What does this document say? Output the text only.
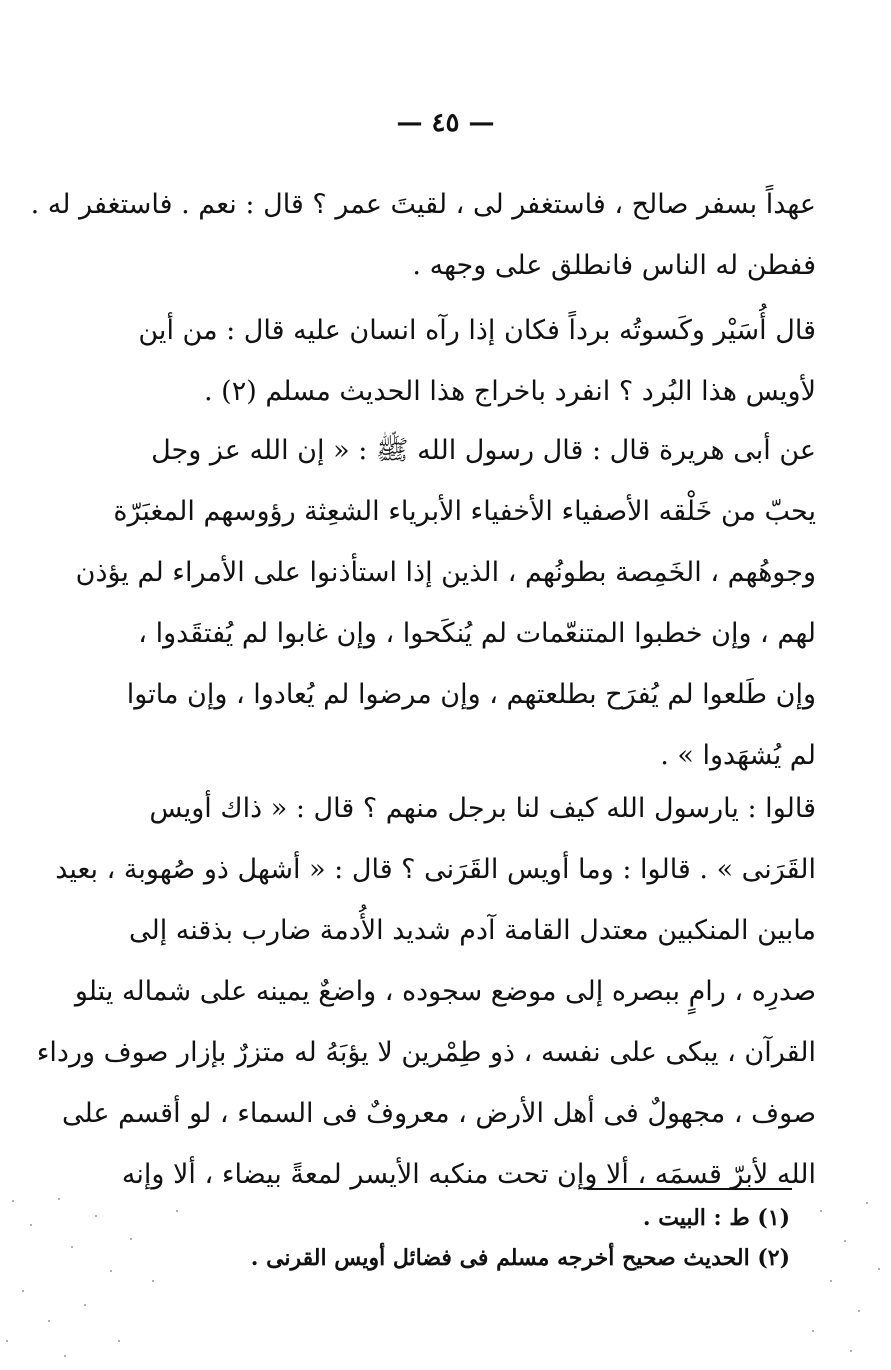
— ٤٥ —
عهداً بسفر صالح ، فاستغفر لى ، لقيتَ عمر ؟ قال : نعم . فاستغفر له .
ففطن له الناس فانطلق على وجهه .
قال أُسَيْر وكَسوتُه برداً فكان إذا رآه انسان عليه قال : من أين
لأويس هذا البُرد ؟ انفرد باخراج هذا الحديث مسلم (٢) .
عن أبى هريرة قال : قال رسول الله ﷺ : « إن الله عز وجل
يحبّ من خَلْقه الأصفياء الأخفياء الأبرياء الشعِثة رؤوسهم المغبَرّة
وجوهُهم ، الخَمِصة بطونُهم ، الذين إذا استأذنوا على الأمراء لم يؤذن
لهم ، وإن خطبوا المتنعّمات لم يُنكَحوا ، وإن غابوا لم يُفتقَدوا ،
وإن طَلعوا لم يُفرَح بطلعتهم ، وإن مرضوا لم يُعادوا ، وإن ماتوا
لم يُشهَدوا » .
قالوا : يارسول الله كيف لنا برجل منهم ؟ قال : « ذاك أويس
القَرَنى » . قالوا : وما أويس القَرَنى ؟ قال : « أشهل ذو صُهوبة ، بعيد
مابين المنكبين معتدل القامة آدم شديد الأُدمة ضارب بذقنه إلى
صدرِه ، رامٍ ببصره إلى موضع سجوده ، واضعٌ يمينه على شماله يتلو
القرآن ، يبكى على نفسه ، ذو طِمْرين لا يؤبَهُ له متزرٌ بإزار صوف ورداء
صوف ، مجهولٌ فى أهل الأرض ، معروفٌ فى السماء ، لو أقسم على
الله لأبرّ قسمَه ، ألا وإن تحت منكبه الأيسر لمعةً بيضاء ، ألا وإنه
(١) ط : البيت .
(٢) الحديث صحيح أخرجه مسلم فى فضائل أويس القرنى .
